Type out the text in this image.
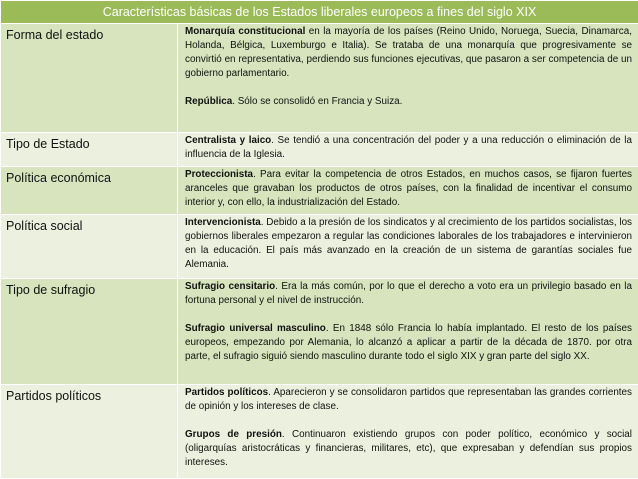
Características básicas de los Estados liberales europeos a fines del siglo XIX	
Forma del estado	Monarquía constitucional en la mayoría de los países (Reino Unido, Noruega, Suecia, Dinamarca, Holanda, Bélgica, Luxemburgo e Italia). Se trataba de una monarquía que progresivamente se convirtió en representativa, perdiendo sus funciones ejecutivas, que pasaron a ser competencia de un gobierno parlamentario.

República. Sólo se consolidó en Francia y Suiza.

Tipo de Estado	Centralista y laico. Se tendió a una concentración del poder y a una reducción o eliminación de la influencia de la Iglesia.

Política económica	Proteccionista. Para evitar la competencia de otros Estados, en muchos casos, se fijaron fuertes aranceles que gravaban los productos de otros países, con la finalidad de incentivar el consumo interior y, con ello, la industrialización del Estado.

Política social	Intervencionista. Debido a la presión de los sindicatos y al crecimiento de los partidos socialistas, los gobiernos liberales empezaron a regular las condiciones laborales de los trabajadores e intervinieron en la educación. El país más avanzado en la creación de un sistema de garantías sociales fue Alemania.

Tipo de sufragio	Sufragio censitario. Era la más común, por lo que el derecho a voto era un privilegio basado en la fortuna personal y el nivel de instrucción.

Sufragio universal masculino. En 1848 sólo Francia lo había implantado. El resto de los países europeos, empezando por Alemania, lo alcanzó a aplicar a partir de la década de 1870. por otra parte, el sufragio siguió siendo masculino durante todo el siglo XIX y gran parte del siglo XX.

Partidos políticos	Partidos políticos. Aparecieron y se consolidaron partidos que representaban las grandes corrientes de opinión y los intereses de clase.

Grupos de presión. Continuaron existiendo grupos con poder político, económico y social (oligarquías aristocráticas y financieras, militares, etc), que expresaban y defendían sus propios intereses.
